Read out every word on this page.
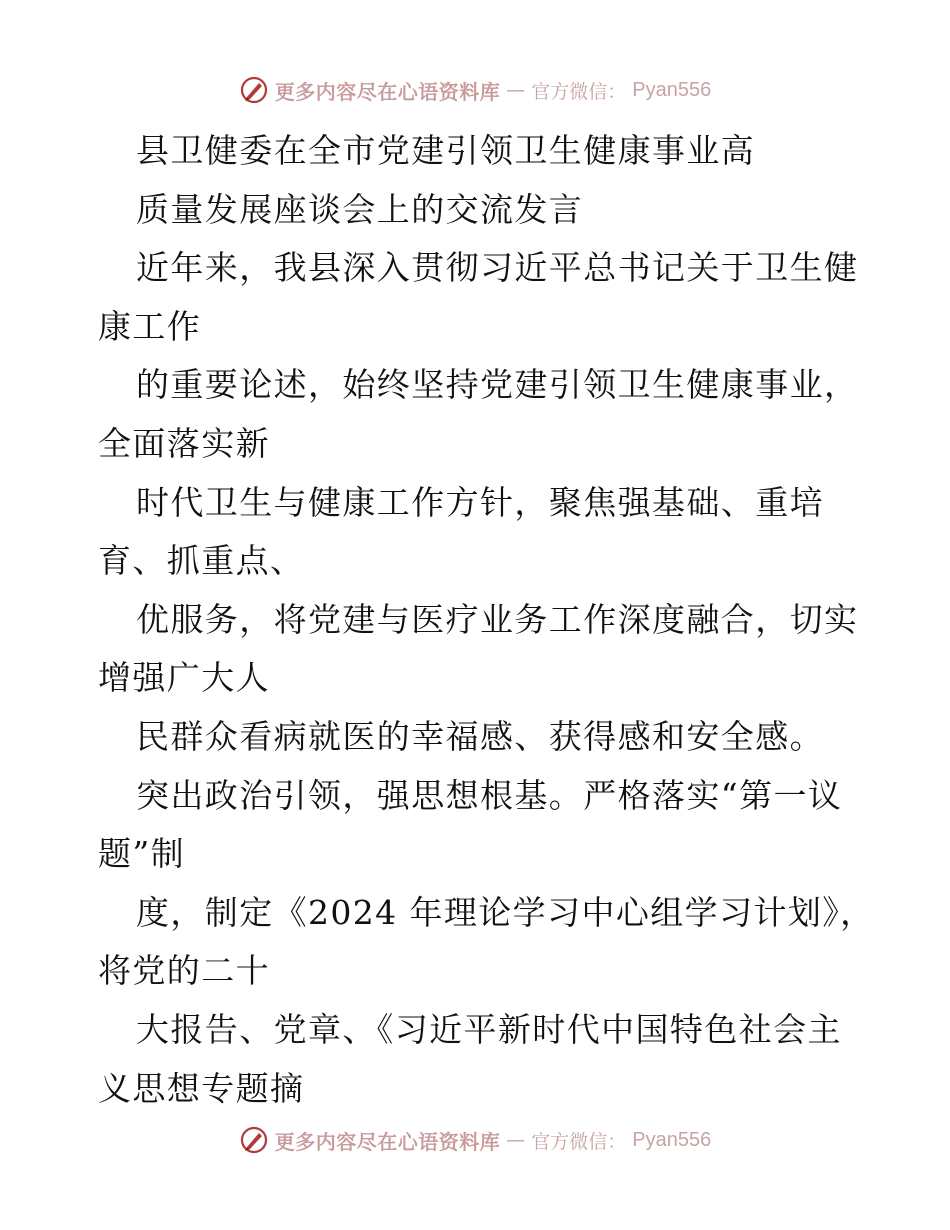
更多内容尽在心语资料库 — 官方微信： Pyan556
县卫健委在全市党建引领卫生健康事业高
质量发展座谈会上的交流发言
近年来，我县深入贯彻习近平总书记关于卫生健
康工作
的重要论述，始终坚持党建引领卫生健康事业，
全面落实新
时代卫生与健康工作方针，聚焦强基础、重培
育、抓重点、
优服务，将党建与医疗业务工作深度融合，切实
增强广大人
民群众看病就医的幸福感、获得感和安全感。
突出政治引领，强思想根基。严格落实“第一议
题”制
度，制定《2024 年理论学习中心组学习计划》，
将党的二十
大报告、党章、《习近平新时代中国特色社会主
义思想专题摘
更多内容尽在心语资料库 — 官方微信： Pyan556
